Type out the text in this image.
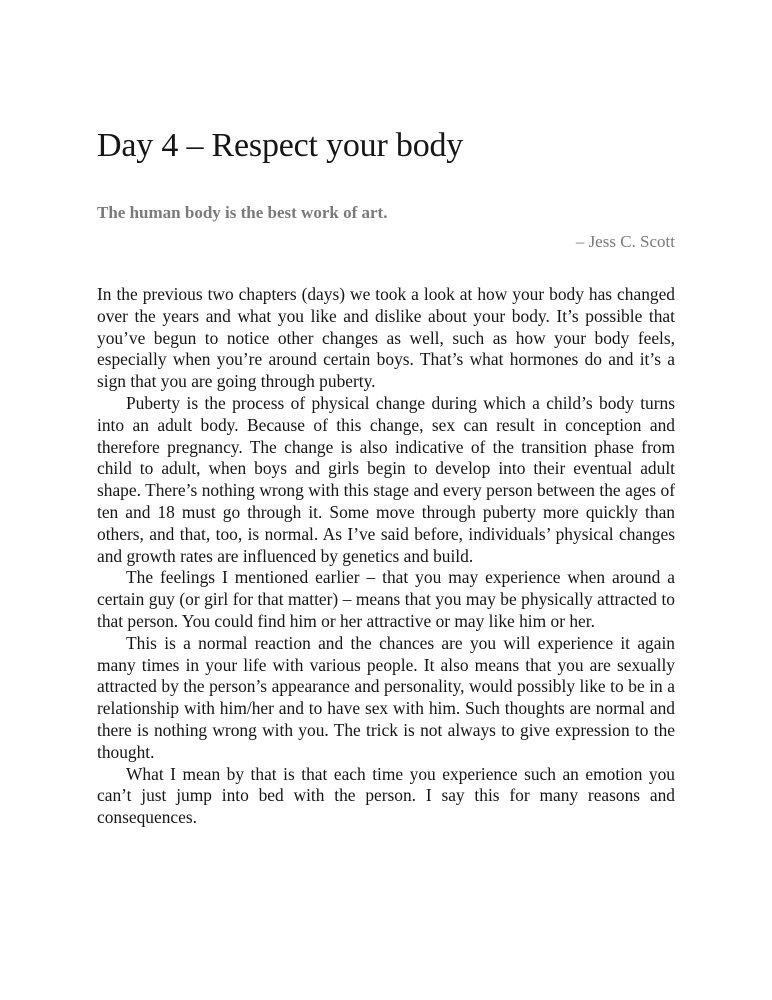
Day 4 – Respect your body

The human body is the best work of art.

– Jess C. Scott

In the previous two chapters (days) we took a look at how your body has changed over the years and what you like and dislike about your body. It’s possible that you’ve begun to notice other changes as well, such as how your body feels, especially when you’re around certain boys. That’s what hormones do and it’s a sign that you are going through puberty.

Puberty is the process of physical change during which a child’s body turns into an adult body. Because of this change, sex can result in conception and therefore pregnancy. The change is also indicative of the transition phase from child to adult, when boys and girls begin to develop into their eventual adult shape. There’s nothing wrong with this stage and every person between the ages of ten and 18 must go through it. Some move through puberty more quickly than others, and that, too, is normal. As I’ve said before, individuals’ physical changes and growth rates are influenced by genetics and build.

The feelings I mentioned earlier – that you may experience when around a certain guy (or girl for that matter) – means that you may be physically attracted to that person. You could find him or her attractive or may like him or her.

This is a normal reaction and the chances are you will experience it again many times in your life with various people. It also means that you are sexually attracted by the person’s appearance and personality, would possibly like to be in a relationship with him/her and to have sex with him. Such thoughts are normal and there is nothing wrong with you. The trick is not always to give expression to the thought.

What I mean by that is that each time you experience such an emotion you can’t just jump into bed with the person. I say this for many reasons and consequences.
